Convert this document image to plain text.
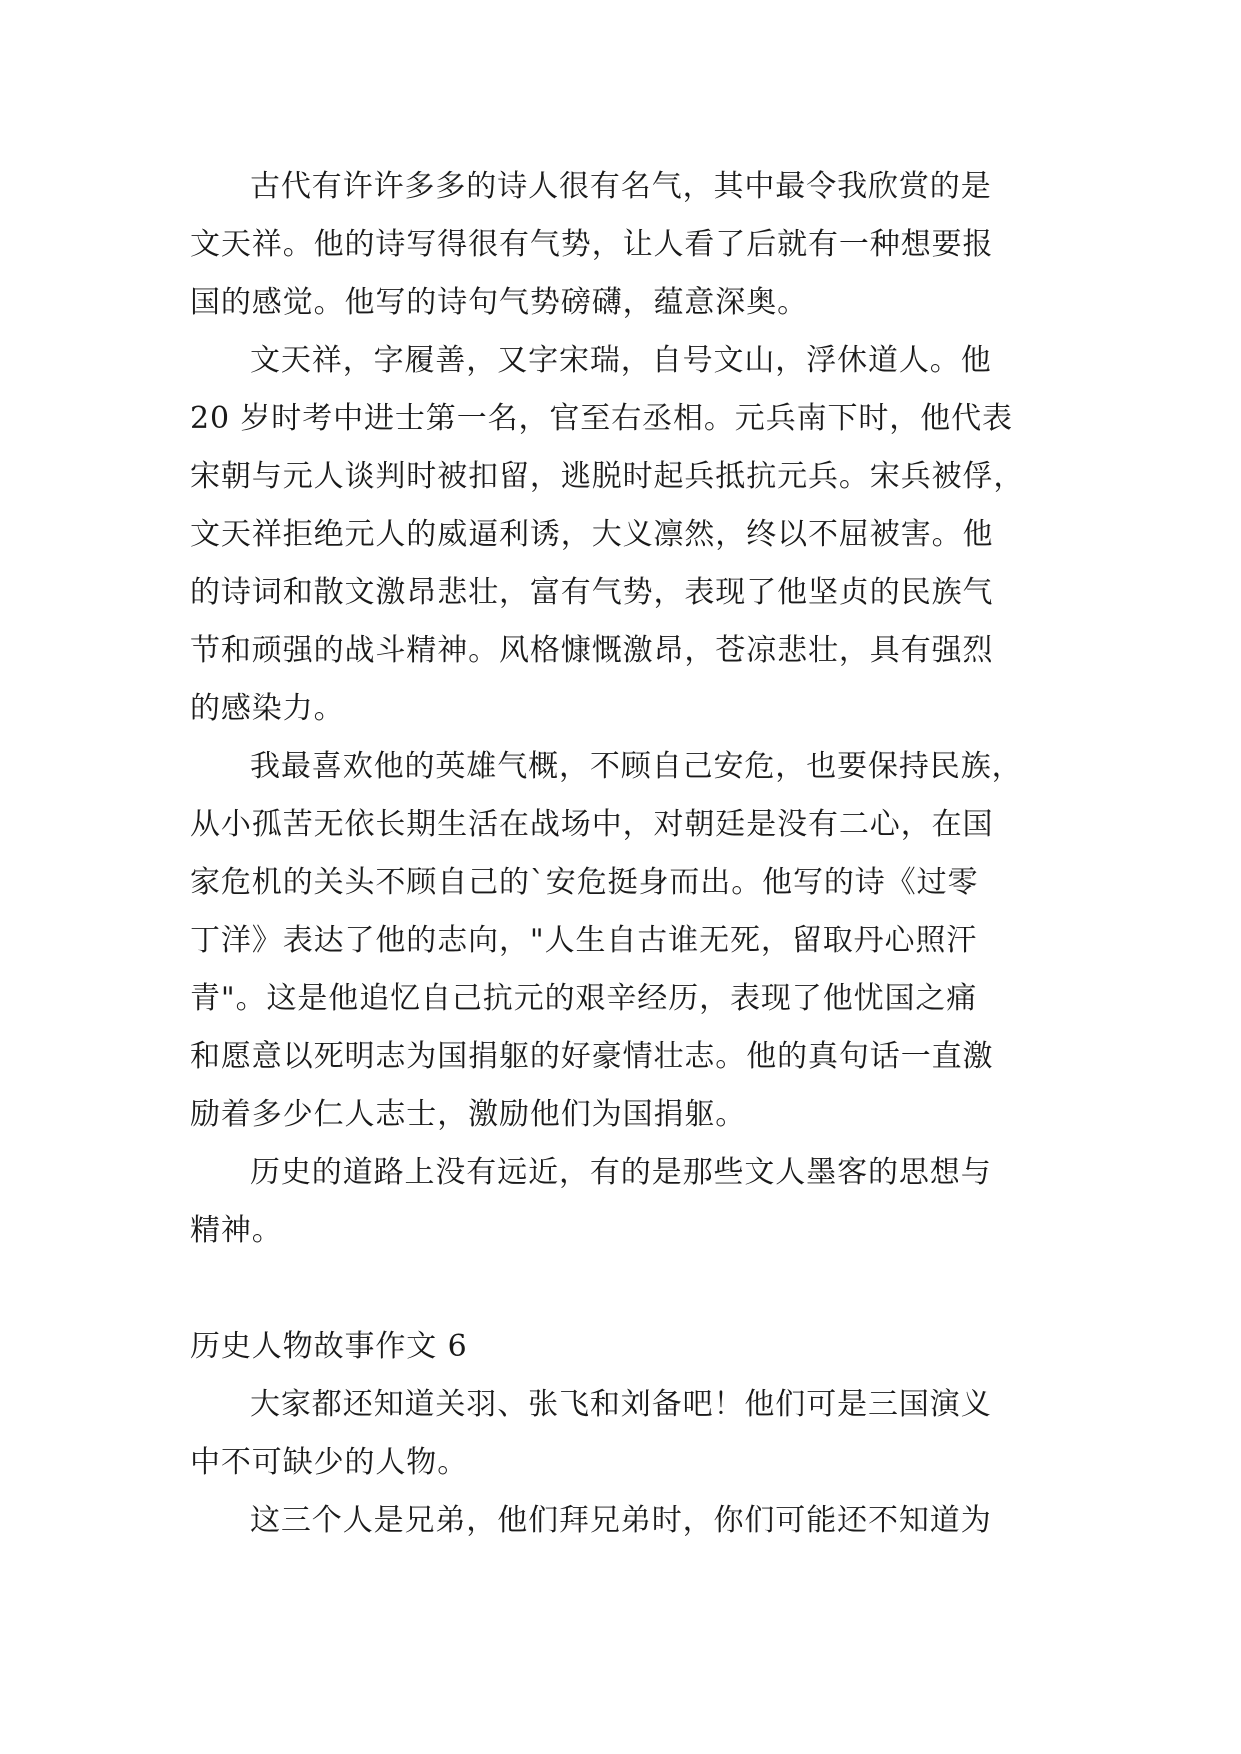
古代有许许多多的诗人很有名气，其中最令我欣赏的是
文天祥。他的诗写得很有气势，让人看了后就有一种想要报
国的感觉。他写的诗句气势磅礴，蕴意深奥。

文天祥，字履善，又字宋瑞，自号文山，浮休道人。他
20 岁时考中进士第一名，官至右丞相。元兵南下时，他代表
宋朝与元人谈判时被扣留，逃脱时起兵抵抗元兵。宋兵被俘，
文天祥拒绝元人的威逼利诱，大义凛然，终以不屈被害。他
的诗词和散文激昂悲壮，富有气势，表现了他坚贞的民族气
节和顽强的战斗精神。风格慷慨激昂，苍凉悲壮，具有强烈
的感染力。

我最喜欢他的英雄气概，不顾自己安危，也要保持民族，
从小孤苦无依长期生活在战场中，对朝廷是没有二心，在国
家危机的关头不顾自己的`安危挺身而出。他写的诗《过零
丁洋》表达了他的志向，"人生自古谁无死，留取丹心照汗
青"。这是他追忆自己抗元的艰辛经历，表现了他忧国之痛
和愿意以死明志为国捐躯的好豪情壮志。他的真句话一直激
励着多少仁人志士，激励他们为国捐躯。

历史的道路上没有远近，有的是那些文人墨客的思想与
精神。

历史人物故事作文 6

大家都还知道关羽、张飞和刘备吧！他们可是三国演义
中不可缺少的人物。

这三个人是兄弟，他们拜兄弟时，你们可能还不知道为
